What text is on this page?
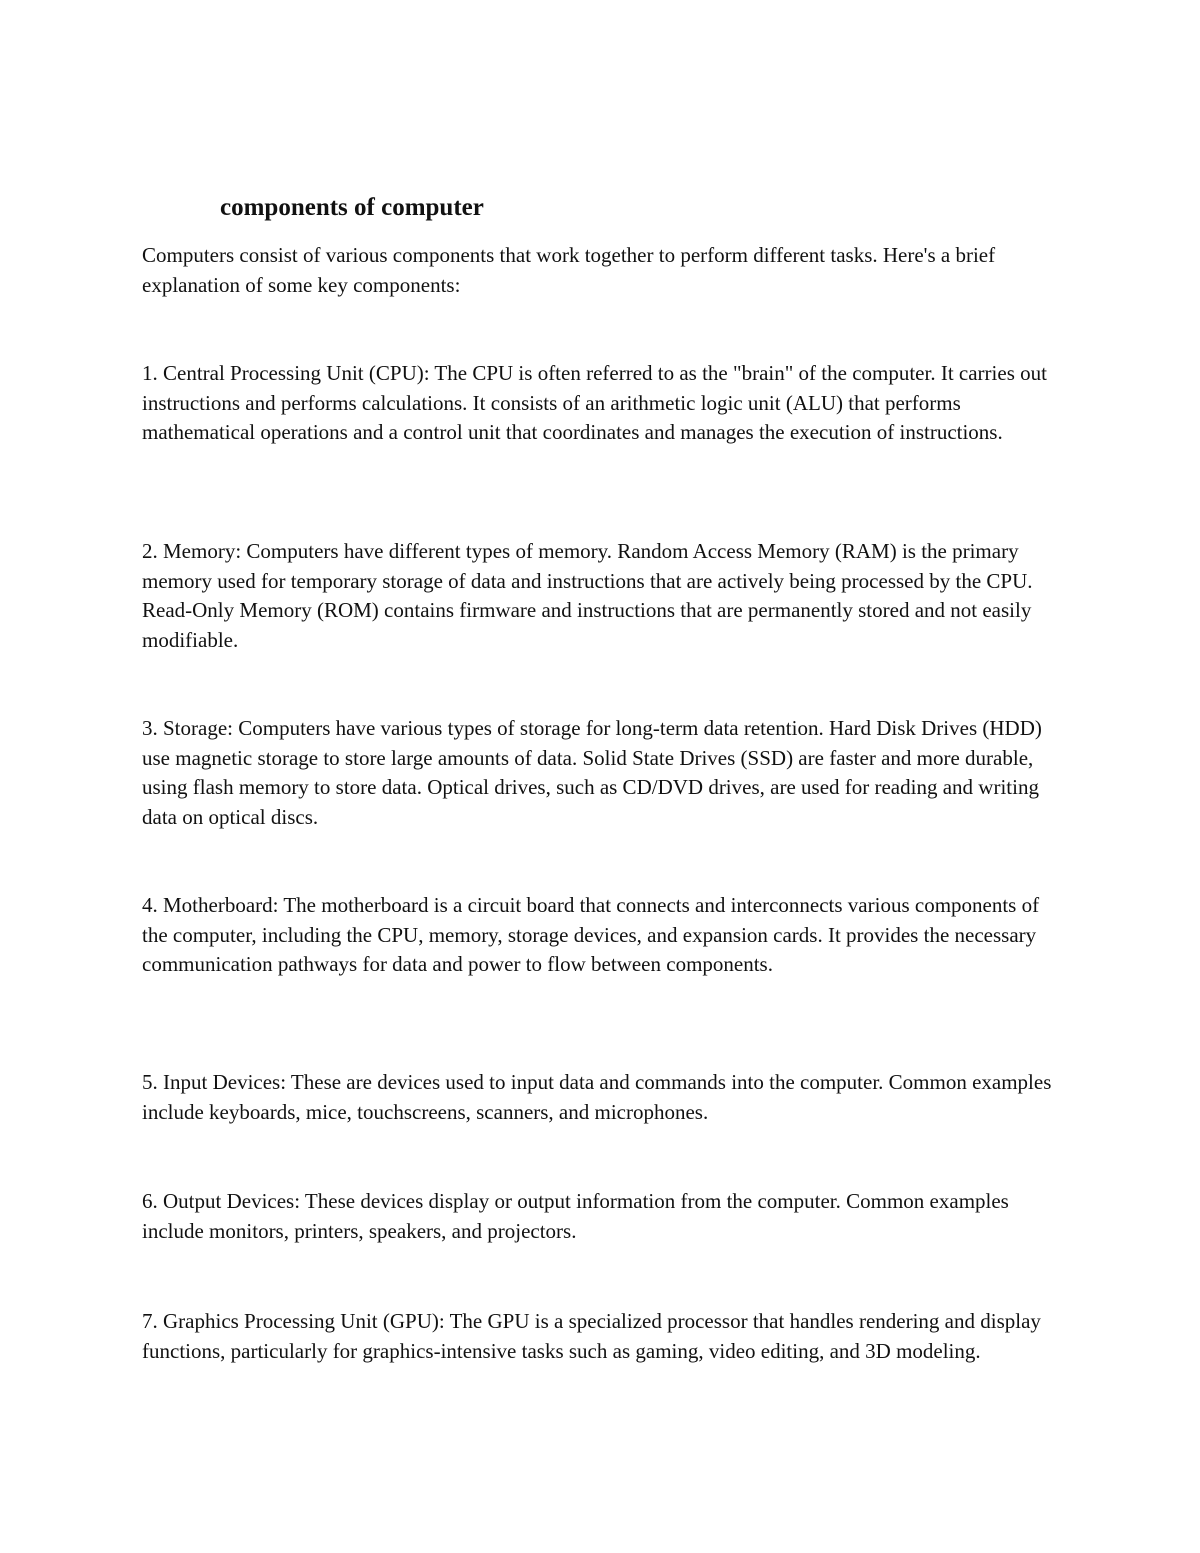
components of computer

Computers consist of various components that work together to perform different tasks. Here's a brief explanation of some key components:

1. Central Processing Unit (CPU): The CPU is often referred to as the "brain" of the computer. It carries out instructions and performs calculations. It consists of an arithmetic logic unit (ALU) that performs mathematical operations and a control unit that coordinates and manages the execution of instructions.

2. Memory: Computers have different types of memory. Random Access Memory (RAM) is the primary memory used for temporary storage of data and instructions that are actively being processed by the CPU. Read-Only Memory (ROM) contains firmware and instructions that are permanently stored and not easily modifiable.

3. Storage: Computers have various types of storage for long-term data retention. Hard Disk Drives (HDD) use magnetic storage to store large amounts of data. Solid State Drives (SSD) are faster and more durable, using flash memory to store data. Optical drives, such as CD/DVD drives, are used for reading and writing data on optical discs.

4. Motherboard: The motherboard is a circuit board that connects and interconnects various components of the computer, including the CPU, memory, storage devices, and expansion cards. It provides the necessary communication pathways for data and power to flow between components.

5. Input Devices: These are devices used to input data and commands into the computer. Common examples include keyboards, mice, touchscreens, scanners, and microphones.

6. Output Devices: These devices display or output information from the computer. Common examples include monitors, printers, speakers, and projectors.

7. Graphics Processing Unit (GPU): The GPU is a specialized processor that handles rendering and display functions, particularly for graphics-intensive tasks such as gaming, video editing, and 3D modeling.
